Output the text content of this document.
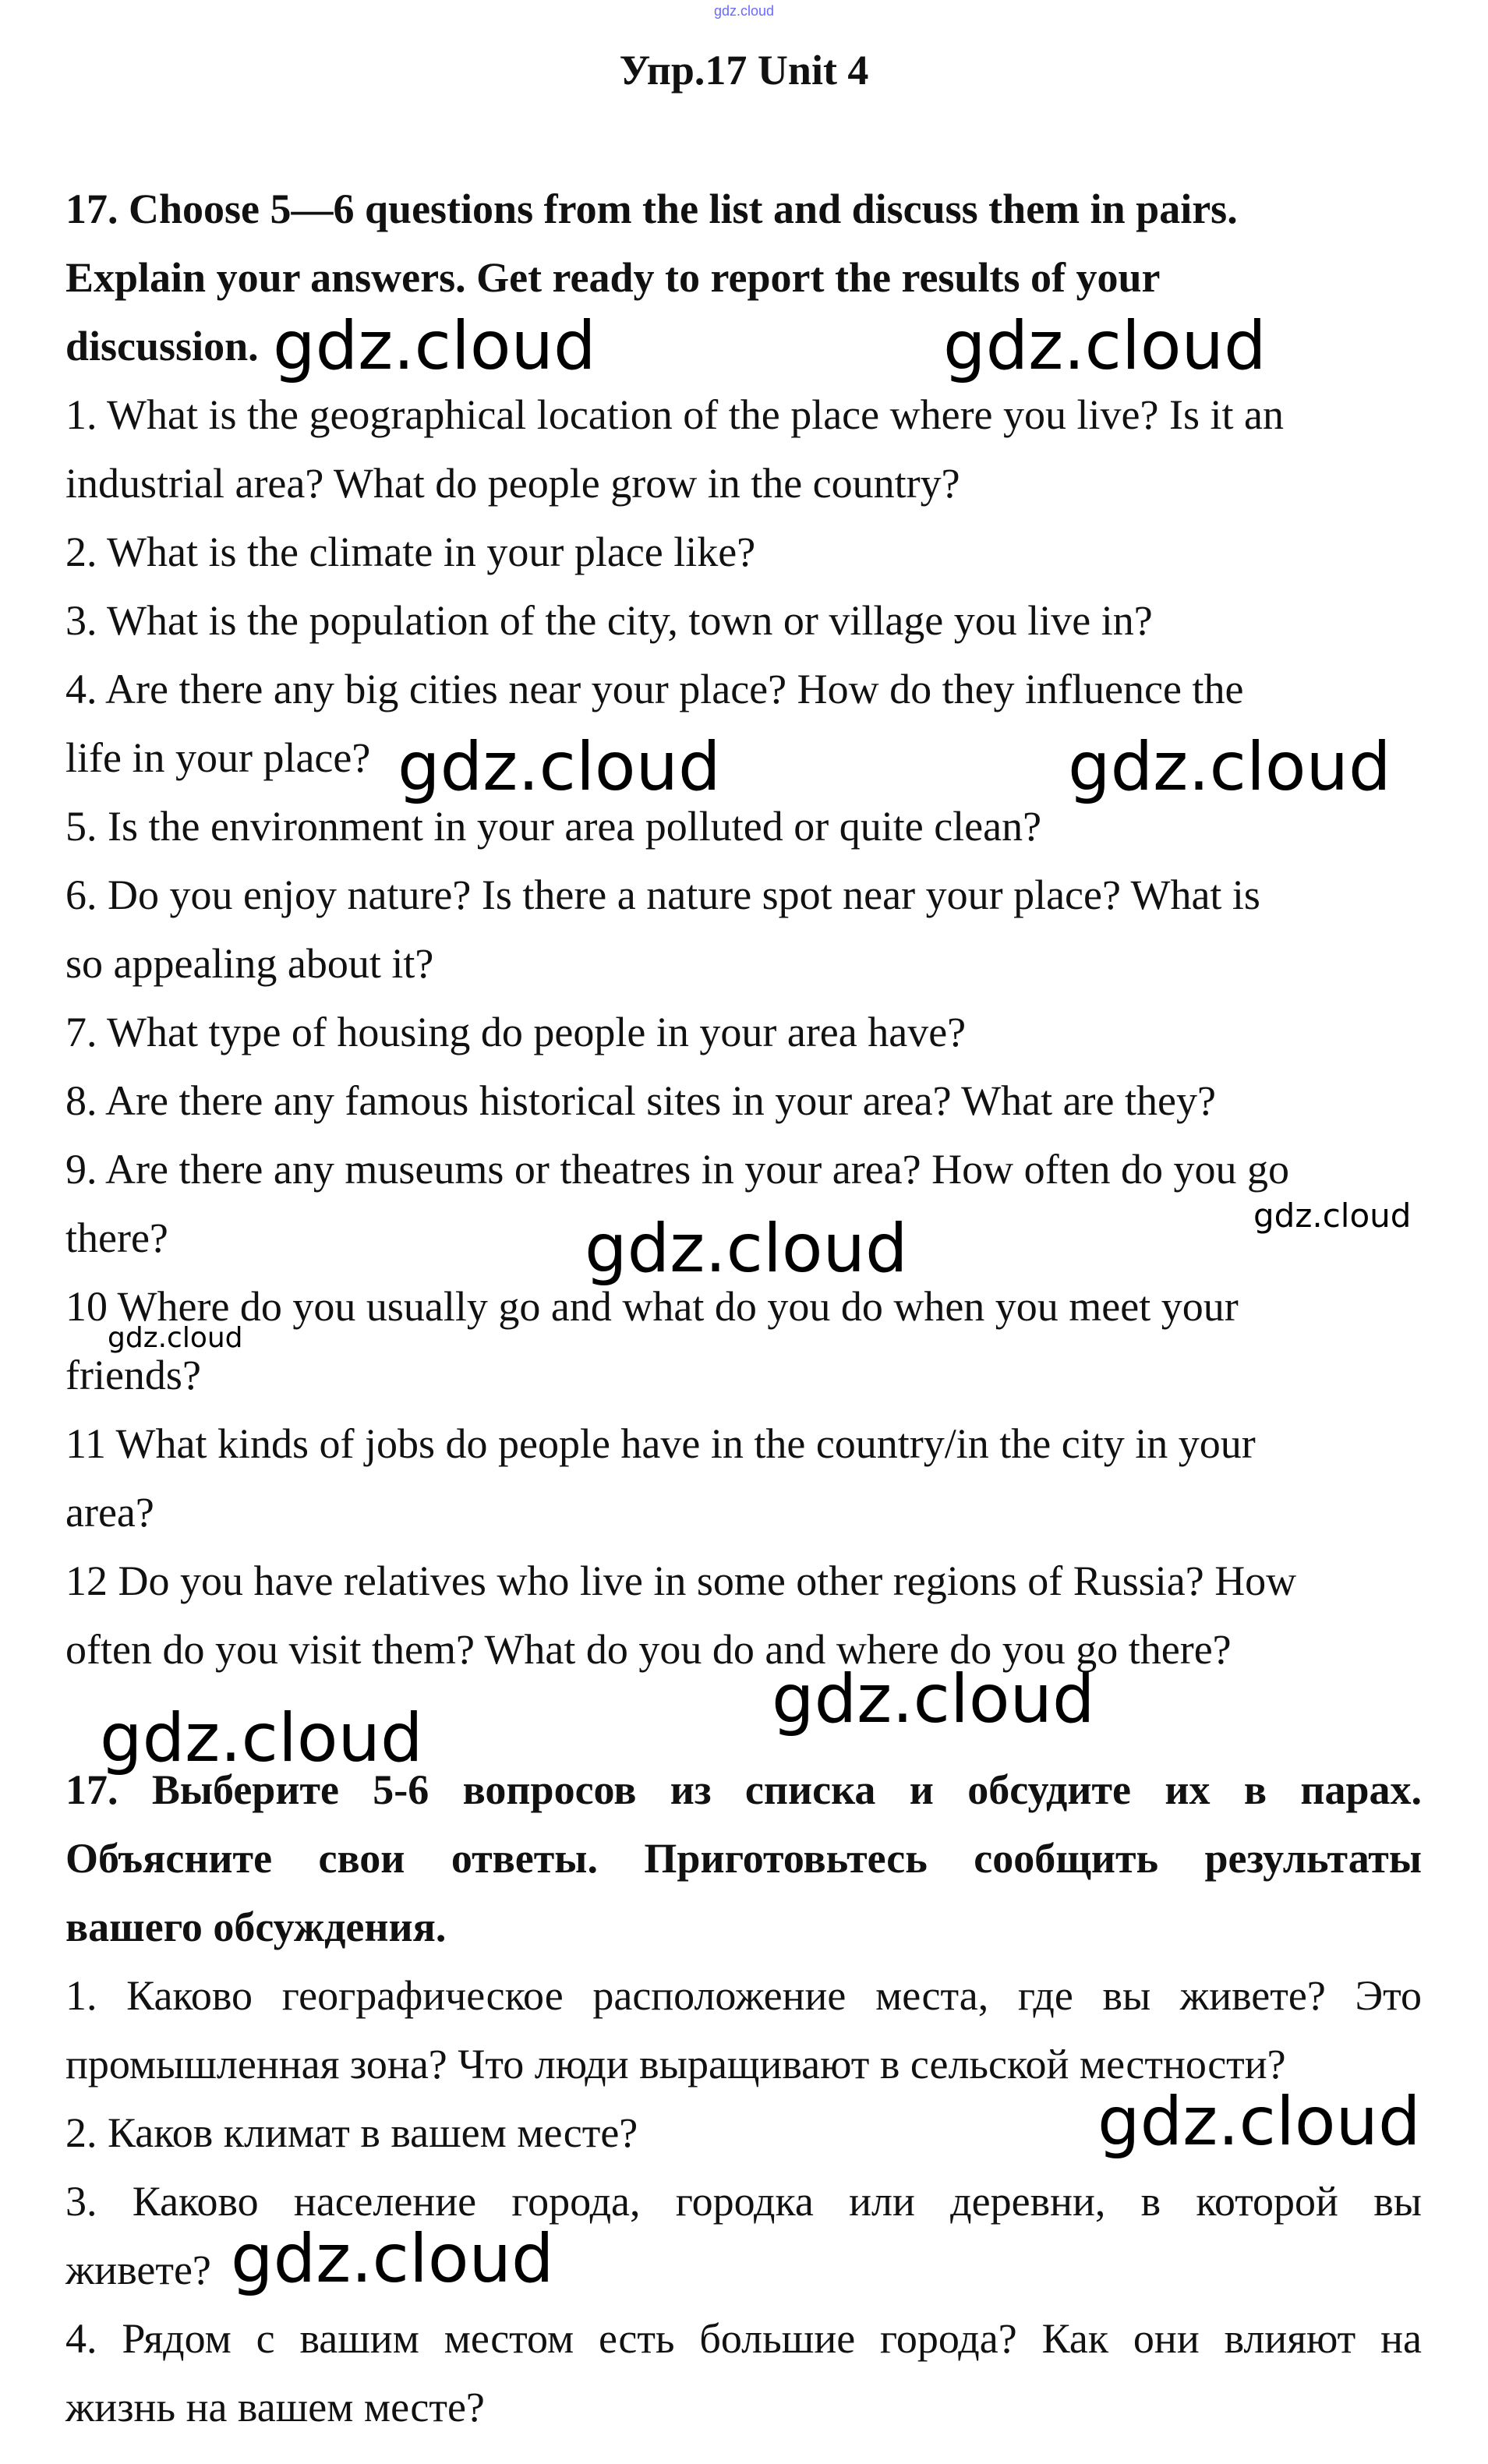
gdz.cloud
Упр.17 Unit 4
17. Choose 5—6 questions from the list and discuss them in pairs.
Explain your answers. Get ready to report the results of your
discussion.
1. What is the geographical location of the place where you live? Is it an
industrial area? What do people grow in the country?
2. What is the climate in your place like?
3. What is the population of the city, town or village you live in?
4. Are there any big cities near your place? How do they influence the
life in your place?
5. Is the environment in your area polluted or quite clean?
6. Do you enjoy nature? Is there a nature spot near your place? What is
so appealing about it?
7. What type of housing do people in your area have?
8. Are there any famous historical sites in your area? What are they?
9. Are there any museums or theatres in your area? How often do you go
there?
10 Where do you usually go and what do you do when you meet your
friends?
11 What kinds of jobs do people have in the country/in the city in your
area?
12 Do you have relatives who live in some other regions of Russia? How
often do you visit them? What do you do and where do you go there?
17. Выберите 5-6 вопросов из списка и обсудите их в парах.
Объясните свои ответы. Приготовьтесь сообщить результаты
вашего обсуждения.
1. Каково географическое расположение места, где вы живете? Это
промышленная зона? Что люди выращивают в сельской местности?
2. Каков климат в вашем месте?
3. Каково население города, городка или деревни, в которой вы
живете?
4. Рядом с вашим местом есть большие города? Как они влияют на
жизнь на вашем месте?
gdz.cloud	gdz.cloud
gdz.cloud	gdz.cloud
gdz.cloud	gdz.cloud
gdz.cloud
gdz.cloud
gdz.cloud
gdz.cloud
gdz.cloud
